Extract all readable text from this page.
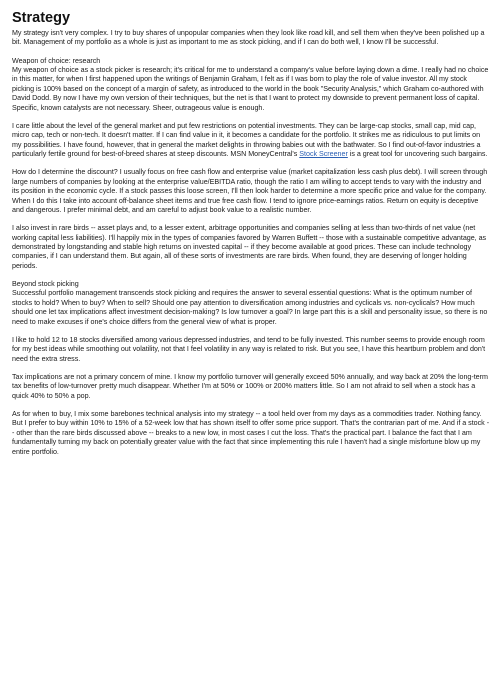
Strategy

My strategy isn't very complex. I try to buy shares of unpopular companies when they look like road kill, and sell them when they've been polished up a bit. Management of my portfolio as a whole is just as important to me as stock picking, and if I can do both well, I know I'll be successful.

Weapon of choice: research
My weapon of choice as a stock picker is research; it's critical for me to understand a company's value before laying down a dime. I really had no choice in this matter, for when I first happened upon the writings of Benjamin Graham, I felt as if I was born to play the role of value investor. All my stock picking is 100% based on the concept of a margin of safety, as introduced to the world in the book "Security Analysis," which Graham co-authored with David Dodd. By now I have my own version of their techniques, but the net is that I want to protect my downside to prevent permanent loss of capital. Specific, known catalysts are not necessary. Sheer, outrageous value is enough.

I care little about the level of the general market and put few restrictions on potential investments. They can be large-cap stocks, small cap, mid cap, micro cap, tech or non-tech. It doesn't matter. If I can find value in it, it becomes a candidate for the portfolio. It strikes me as ridiculous to put limits on my possibilities. I have found, however, that in general the market delights in throwing babies out with the bathwater. So I find out-of-favor industries a particularly fertile ground for best-of-breed shares at steep discounts. MSN MoneyCentral's Stock Screener is a great tool for uncovering such bargains.

How do I determine the discount? I usually focus on free cash flow and enterprise value (market capitalization less cash plus debt). I will screen through large numbers of companies by looking at the enterprise value/EBITDA ratio, though the ratio I am willing to accept tends to vary with the industry and its position in the economic cycle. If a stock passes this loose screen, I'll then look harder to determine a more specific price and value for the company. When I do this I take into account off-balance sheet items and true free cash flow. I tend to ignore price-earnings ratios. Return on equity is deceptive and dangerous. I prefer minimal debt, and am careful to adjust book value to a realistic number.

I also invest in rare birds -- asset plays and, to a lesser extent, arbitrage opportunities and companies selling at less than two-thirds of net value (net working capital less liabilities). I'll happily mix in the types of companies favored by Warren Buffett -- those with a sustainable competitive advantage, as demonstrated by longstanding and stable high returns on invested capital -- if they become available at good prices. These can include technology companies, if I can understand them. But again, all of these sorts of investments are rare birds. When found, they are deserving of longer holding periods.

Beyond stock picking
Successful portfolio management transcends stock picking and requires the answer to several essential questions: What is the optimum number of stocks to hold? When to buy? When to sell? Should one pay attention to diversification among industries and cyclicals vs. non-cyclicals? How much should one let tax implications affect investment decision-making? Is low turnover a goal? In large part this is a skill and personality issue, so there is no need to make excuses if one's choice differs from the general view of what is proper.

I like to hold 12 to 18 stocks diversified among various depressed industries, and tend to be fully invested. This number seems to provide enough room for my best ideas while smoothing out volatility, not that I feel volatility in any way is related to risk. But you see, I have this heartburn problem and don't need the extra stress.

Tax implications are not a primary concern of mine. I know my portfolio turnover will generally exceed 50% annually, and way back at 20% the long-term tax benefits of low-turnover pretty much disappear. Whether I'm at 50% or 100% or 200% matters little. So I am not afraid to sell when a stock has a quick 40% to 50% a pop.

As for when to buy, I mix some barebones technical analysis into my strategy -- a tool held over from my days as a commodities trader. Nothing fancy. But I prefer to buy within 10% to 15% of a 52-week low that has shown itself to offer some price support. That's the contrarian part of me. And if a stock -- other than the rare birds discussed above -- breaks to a new low, in most cases I cut the loss. That's the practical part. I balance the fact that I am fundamentally turning my back on potentially greater value with the fact that since implementing this rule I haven't had a single misfortune blow up my entire portfolio.
